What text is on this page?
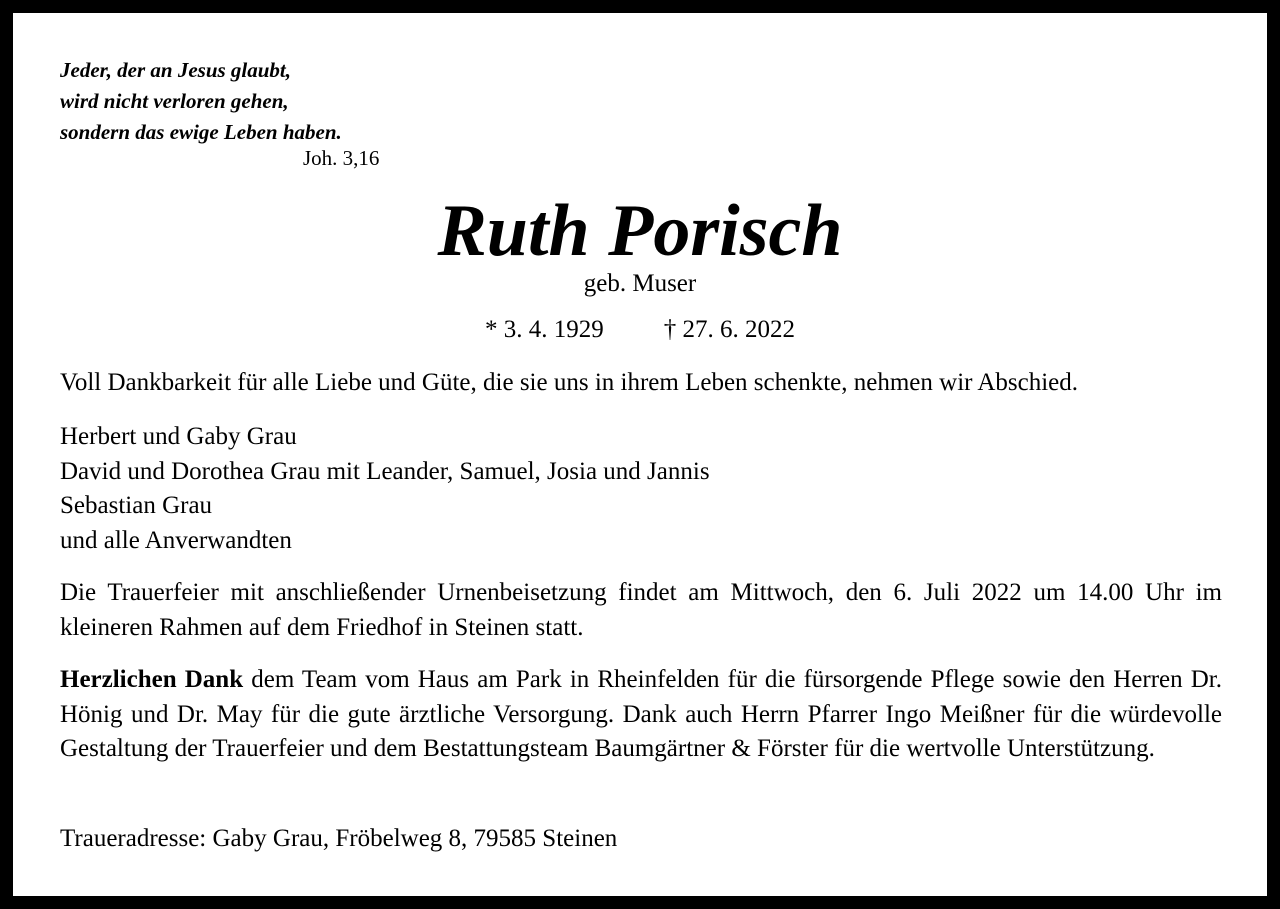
Jeder, der an Jesus glaubt,
wird nicht verloren gehen,
sondern das ewige Leben haben.
Joh. 3,16
Ruth Porisch
geb. Muser
* 3. 4. 1929 † 27. 6. 2022
Voll Dankbarkeit für alle Liebe und Güte, die sie uns in ihrem Leben schenkte, nehmen wir Abschied.
Herbert und Gaby Grau
David und Dorothea Grau mit Leander, Samuel, Josia und Jannis
Sebastian Grau
und alle Anverwandten
Die Trauerfeier mit anschließender Urnenbeisetzung findet am Mittwoch, den 6. Juli 2022 um 14.00 Uhr im kleineren Rahmen auf dem Friedhof in Steinen statt.
Herzlichen Dank dem Team vom Haus am Park in Rheinfelden für die fürsorgende Pflege sowie den Herren Dr. Hönig und Dr. May für die gute ärztliche Versorgung. Dank auch Herrn Pfarrer Ingo Meißner für die würdevolle Gestaltung der Trauerfeier und dem Bestattungsteam Baumgärtner & Förster für die wertvolle Unterstützung.
Traueradresse: Gaby Grau, Fröbelweg 8, 79585 Steinen
